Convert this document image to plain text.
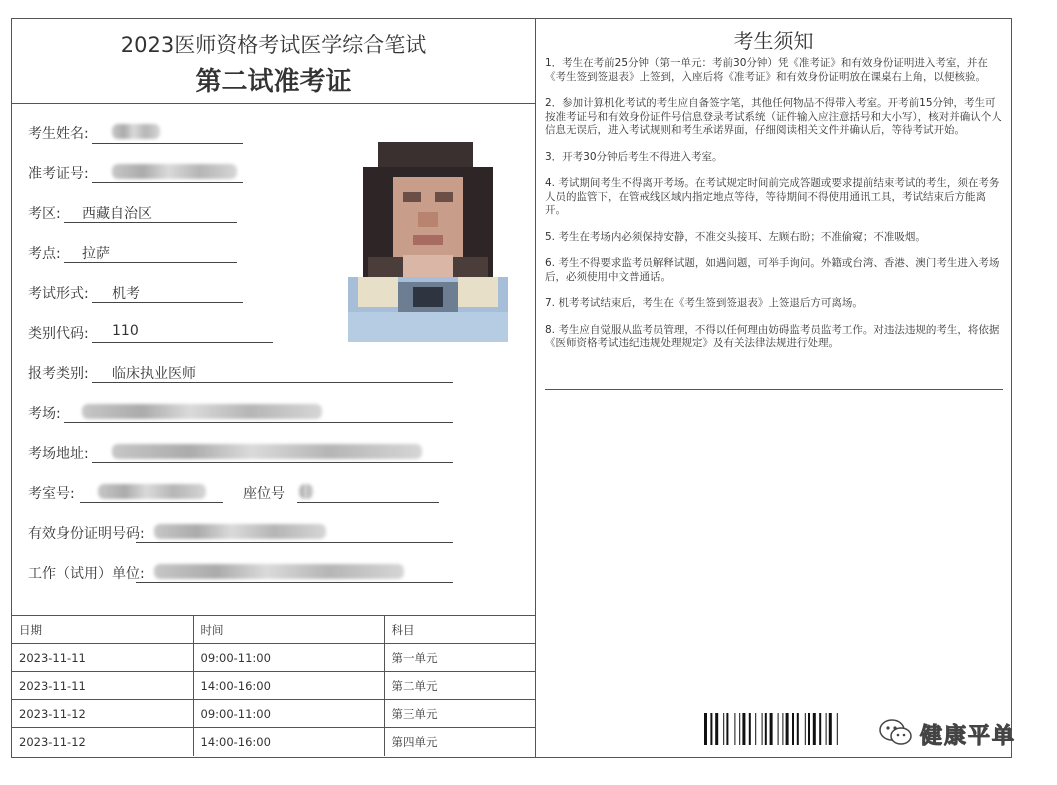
2023医师资格考试医学综合笔试
第二试准考证
考生姓名:
准考证号:
考区: 西藏自治区
考点: 拉萨
考试形式: 机考
类别代码: 110
报考类别: 临床执业医师
考场:
考场地址:
考室号:	座位号
有效身份证明号码:
工作（试用）单位:
日期	时间	科目
2023-11-11	09:00-11:00	第一单元
2023-11-11	14:00-16:00	第二单元
2023-11-12	09:00-11:00	第三单元
2023-11-12	14:00-16:00	第四单元
考生须知

1．考生在考前25分钟（第一单元：考前30分钟）凭《准考证》和有效身份证明进入考室，并在《考生签到签退表》上签到，入座后将《准考证》和有效身份证明放在课桌右上角，以便核验。

2．参加计算机化考试的考生应自备签字笔，其他任何物品不得带入考室。开考前15分钟，考生可按准考证号和有效身份证件号信息登录考试系统（证件输入应注意括号和大小写），核对并确认个人信息无误后，进入考试规则和考生承诺界面，仔细阅读相关文件并确认后，等待考试开始。

3．开考30分钟后考生不得进入考室。

4. 考试期间考生不得离开考场。在考试规定时间前完成答题或要求提前结束考试的考生，须在考务人员的监管下，在管戒线区域内指定地点等待，等待期间不得使用通讯工具，考试结束后方能离开。

5. 考生在考场内必须保持安静，不准交头接耳、左顾右盼；不准偷窥；不准吸烟。

6. 考生不得要求监考员解释试题，如遇问题，可举手询问。外籍或台湾、香港、澳门考生进入考场后，必须使用中文普通话。

7. 机考考试结束后，考生在《考生签到签退表》上签退后方可离场。

8. 考生应自觉服从监考员管理，不得以任何理由妨碍监考员监考工作。对违法违规的考生，将依据《医师资格考试违纪违规处理规定》及有关法律法规进行处理。

健康平单
